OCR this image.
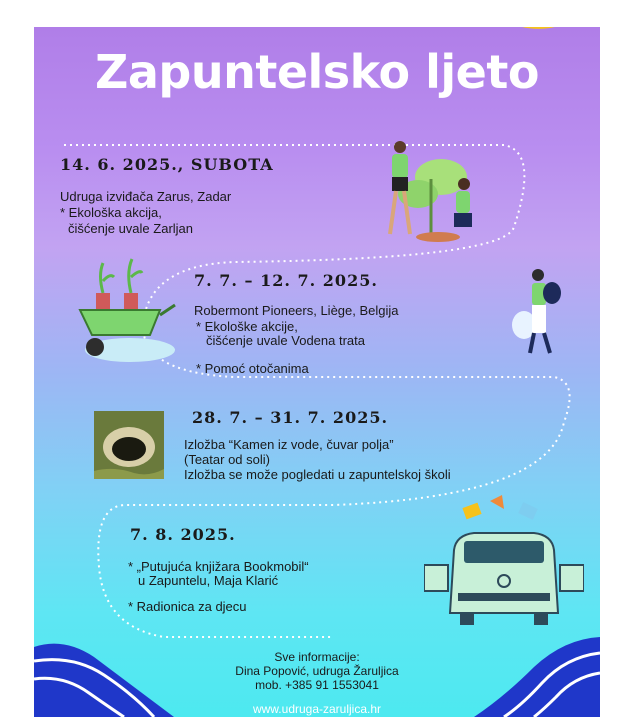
Zapuntelsko ljeto

14. 6. 2025., SUBOTA

Udruga izviđača Zarus, Zadar

* Ekološka akcija,

čišćenje uvale Zarljan

7. 7. – 12. 7. 2025.

Robermont Pioneers, Liège, Belgija

* Ekološke akcije,

čišćenje uvale Vodena trata

* Pomoć otočanima

28. 7. – 31. 7. 2025.

Izložba “Kamen iz vode, čuvar polja”

(Teatar od soli)

Izložba se može pogledati u zapuntelskoj školi

7. 8. 2025.

* „Putujuća knjižara Bookmobil“

u Zapuntelu, Maja Klarić

* Radionica za djecu

Sve informacije:

Dina Popović, udruga Žaruljica

mob. +385 91 1553041

www.udruga-zaruljica.hr
